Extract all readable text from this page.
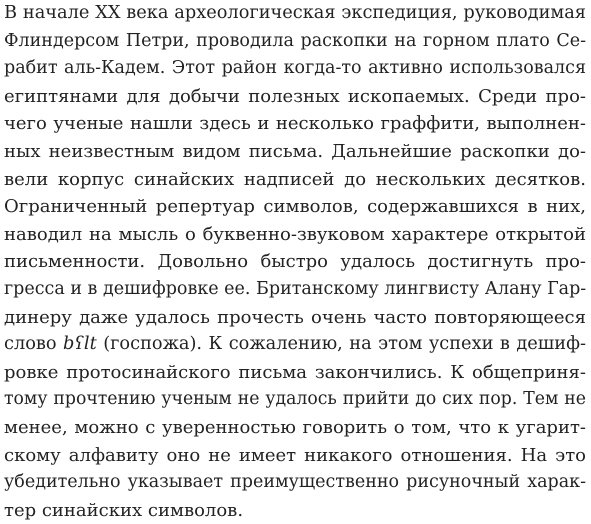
В начале XX века археологическая экспедиция, руководимая
Флиндерсом Петри, проводила раскопки на горном плато Се-
рабит аль-Кадем. Этот район когда-то активно использовался
египтянами для добычи полезных ископаемых. Среди про-
чего ученые нашли здесь и несколько граффити, выполнен-
ных неизвестным видом письма. Дальнейшие раскопки до-
вели корпус синайских надписей до нескольких десятков.
Ограниченный репертуар символов, содержавшихся в них,
наводил на мысль о буквенно-звуковом характере открытой
письменности. Довольно быстро удалось достигнуть про-
гресса и в дешифровке ее. Британскому лингвисту Алану Гар-
динеру даже удалось прочесть очень часто повторяющееся
слово bʕlt (госпожа). К сожалению, на этом успехи в дешиф-
ровке протосинайского письма закончились. К общеприня-
тому прочтению ученым не удалось прийти до сих пор. Тем не
менее, можно с уверенностью говорить о том, что к угарит-
скому алфавиту оно не имеет никакого отношения. На это
убедительно указывает преимущественно рисуночный харак-
тер синайских символов.
